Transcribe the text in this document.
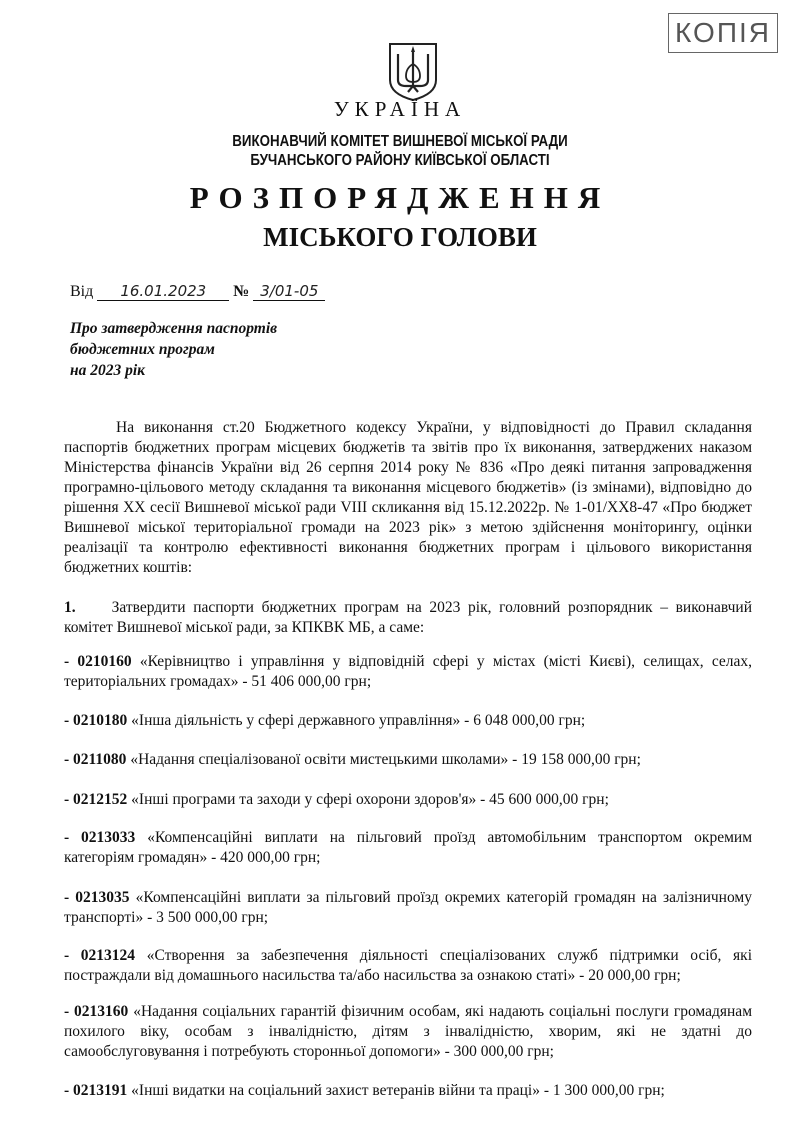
КОПІЯ
УКРАЇНА
ВИКОНАВЧИЙ КОМІТЕТ ВИШНЕВОЇ МІСЬКОЇ РАДИ
БУЧАНСЬКОГО РАЙОНУ КИЇВСЬКОЇ ОБЛАСТІ
РОЗПОРЯДЖЕННЯ
МІСЬКОГО ГОЛОВИ
Від 16.01.2023 № 3/01-05
Про затвердження паспортів
бюджетних програм
на 2023 рік

На виконання ст.20 Бюджетного кодексу України, у відповідності до Правил складання паспортів бюджетних програм місцевих бюджетів та звітів про їх виконання, затверджених наказом Міністерства фінансів України від 26 серпня 2014 року № 836 «Про деякі питання запровадження програмно-цільового методу складання та виконання місцевого бюджетів» (із змінами), відповідно до рішення XX сесії Вишневої міської ради VIII скликання від 15.12.2022р. № 1-01/XX8-47 «Про бюджет Вишневої міської територіальної громади на 2023 рік» з метою здійснення моніторингу, оцінки реалізації та контролю ефективності виконання бюджетних програм і цільового використання бюджетних коштів:

1. Затвердити паспорти бюджетних програм на 2023 рік, головний розпорядник – виконавчий комітет Вишневої міської ради, за КПКВК МБ, а саме:

- 0210160 «Керівництво і управління у відповідній сфері у містах (місті Києві), селищах, селах, територіальних громадах» - 51 406 000,00 грн;

- 0210180 «Інша діяльність у сфері державного управління» - 6 048 000,00 грн;

- 0211080 «Надання спеціалізованої освіти мистецькими школами» - 19 158 000,00 грн;

- 0212152 «Інші програми та заходи у сфері охорони здоров'я» - 45 600 000,00 грн;

- 0213033 «Компенсаційні виплати на пільговий проїзд автомобільним транспортом окремим категоріям громадян» - 420 000,00 грн;

- 0213035 «Компенсаційні виплати за пільговий проїзд окремих категорій громадян на залізничному транспорті» - 3 500 000,00 грн;

- 0213124 «Створення за забезпечення діяльності спеціалізованих служб підтримки осіб, які постраждали від домашнього насильства та/або насильства за ознакою статі» - 20 000,00 грн;

- 0213160 «Надання соціальних гарантій фізичним особам, які надають соціальні послуги громадянам похилого віку, особам з інвалідністю, дітям з інвалідністю, хворим, які не здатні до самообслуговування і потребують сторонньої допомоги» - 300 000,00 грн;

- 0213191 «Інші видатки на соціальний захист ветеранів війни та праці» - 1 300 000,00 грн;
